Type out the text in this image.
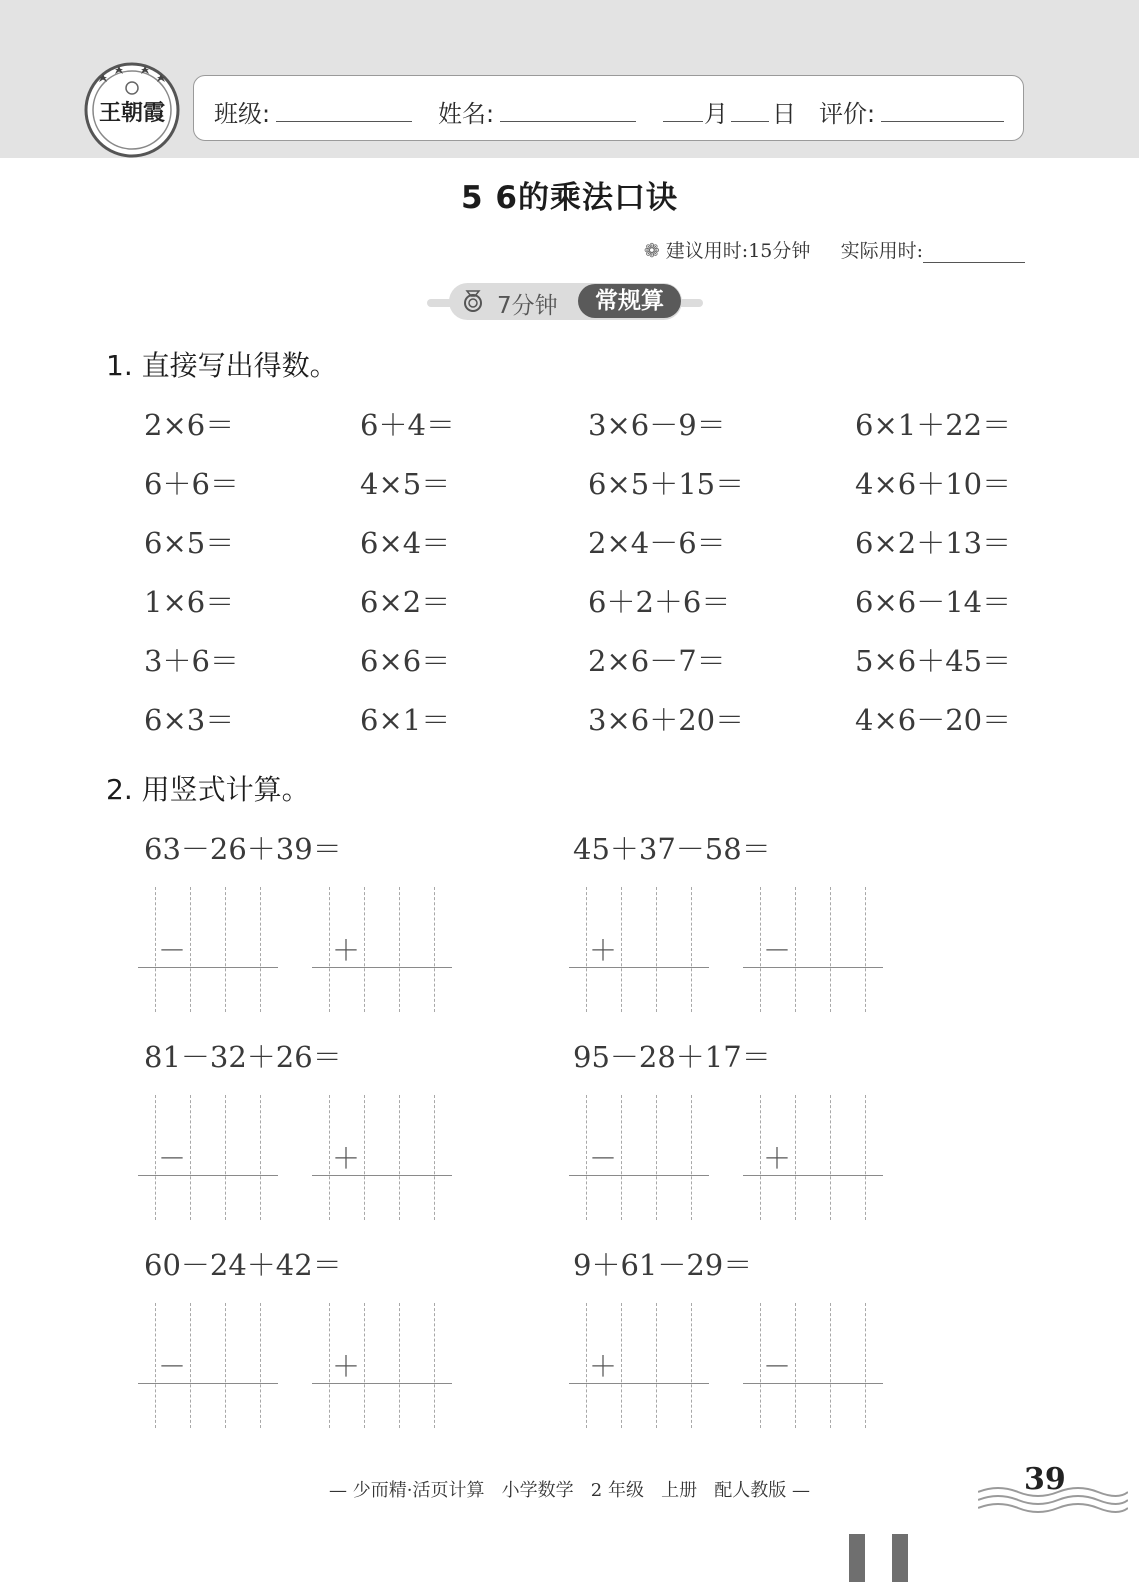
王朝霞 班级:	姓名:	月 日 评价:
5 6的乘法口诀
❁ 建议用时:15分钟 实际用时:
7分钟	常规算
1. 直接写出得数。
2×6＝	6＋4＝	3×6－9＝	6×1＋22＝
6＋6＝	4×5＝	6×5＋15＝	4×6＋10＝
6×5＝	6×4＝	2×4－6＝	6×2＋13＝
1×6＝	6×2＝	6＋2＋6＝	6×6－14＝
3＋6＝	6×6＝	2×6－7＝	5×6＋45＝
6×3＝	6×1＝	3×6＋20＝	4×6－20＝
2. 用竖式计算。
63－26＋39＝
－	＋
45＋37－58＝
＋	－
81－32＋26＝
－	＋
95－28＋17＝
－	＋
60－24＋42＝
－	＋
9＋61－29＝
＋	－
— 少而精·活页计算   小学数学   2 年级   上册   配人教版 —	39
